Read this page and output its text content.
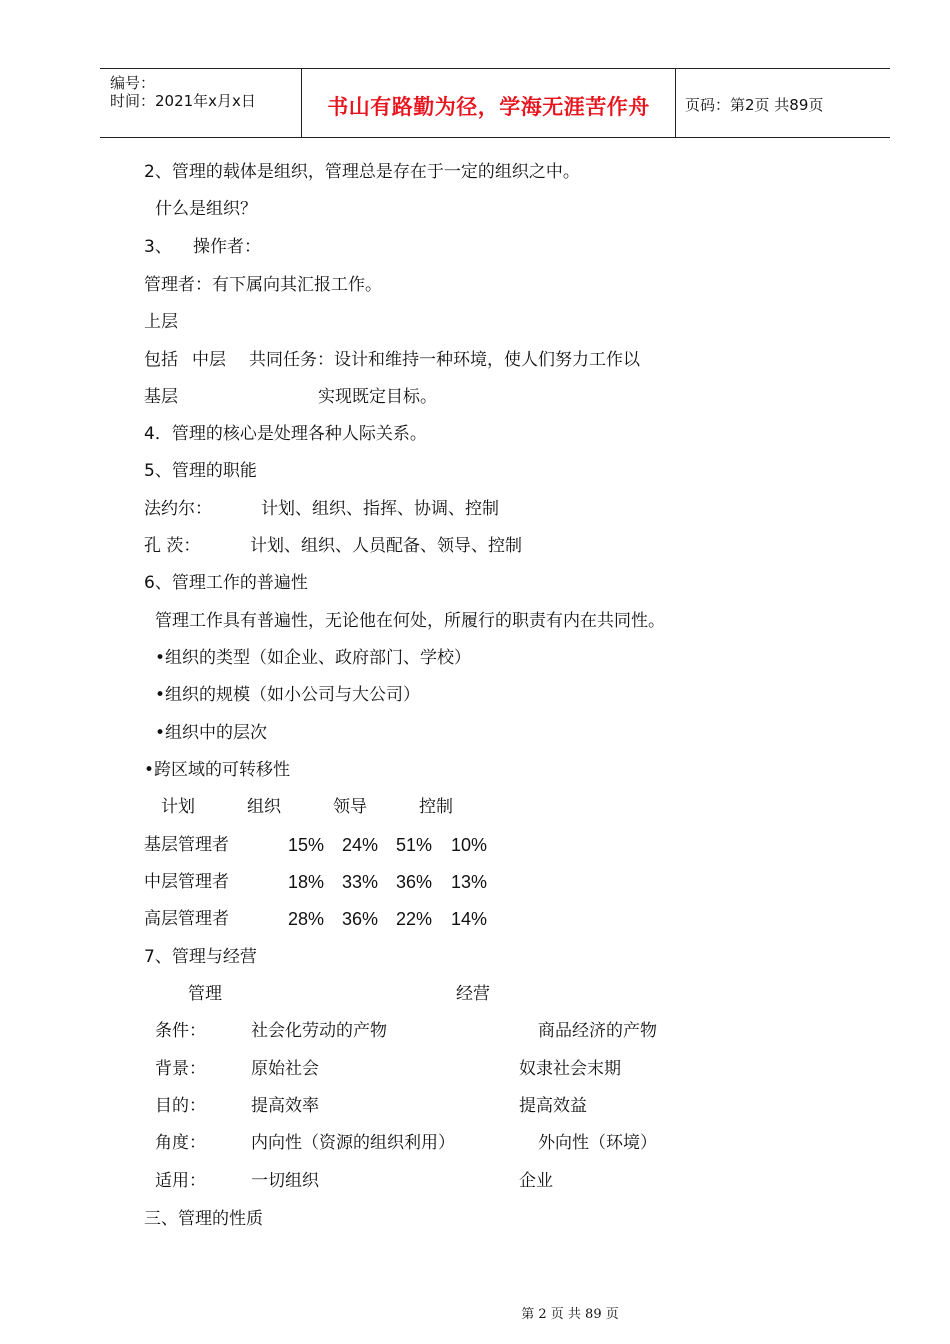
编号：
时间：2021年x月x日	书山有路勤为径，学海无涯苦作舟	页码：第2页 共89页
2、管理的载体是组织，管理总是存在于一定的组织之中。
什么是组织？
3、 操作者：
管理者：有下属向其汇报工作。
上层
包括 中层 共同任务：设计和维持一种环境，使人们努力工作以
基层	实现既定目标。
4．管理的核心是处理各种人际关系。
5、管理的职能
法约尔：	计划、组织、指挥、协调、控制
孔 茨：	计划、组织、人员配备、领导、控制
6、管理工作的普遍性
管理工作具有普遍性，无论他在何处，所履行的职责有内在共同性。
•组织的类型（如企业、政府部门、学校）
•组织的规模（如小公司与大公司）
•组织中的层次
•跨区域的可转移性
计划	组织	领导	控制
基层管理者	15% 24% 51% 10%
中层管理者	18% 33% 36% 13%
高层管理者	28% 36% 22% 14%
7、管理与经营
管理	经营
条件：	社会化劳动的产物	商品经济的产物
背景：	原始社会	奴隶社会末期
目的：	提高效率	提高效益
角度：	内向性（资源的组织利用）	外向性（环境）
适用：	一切组织	企业
三、管理的性质
第 2 页 共 89 页
